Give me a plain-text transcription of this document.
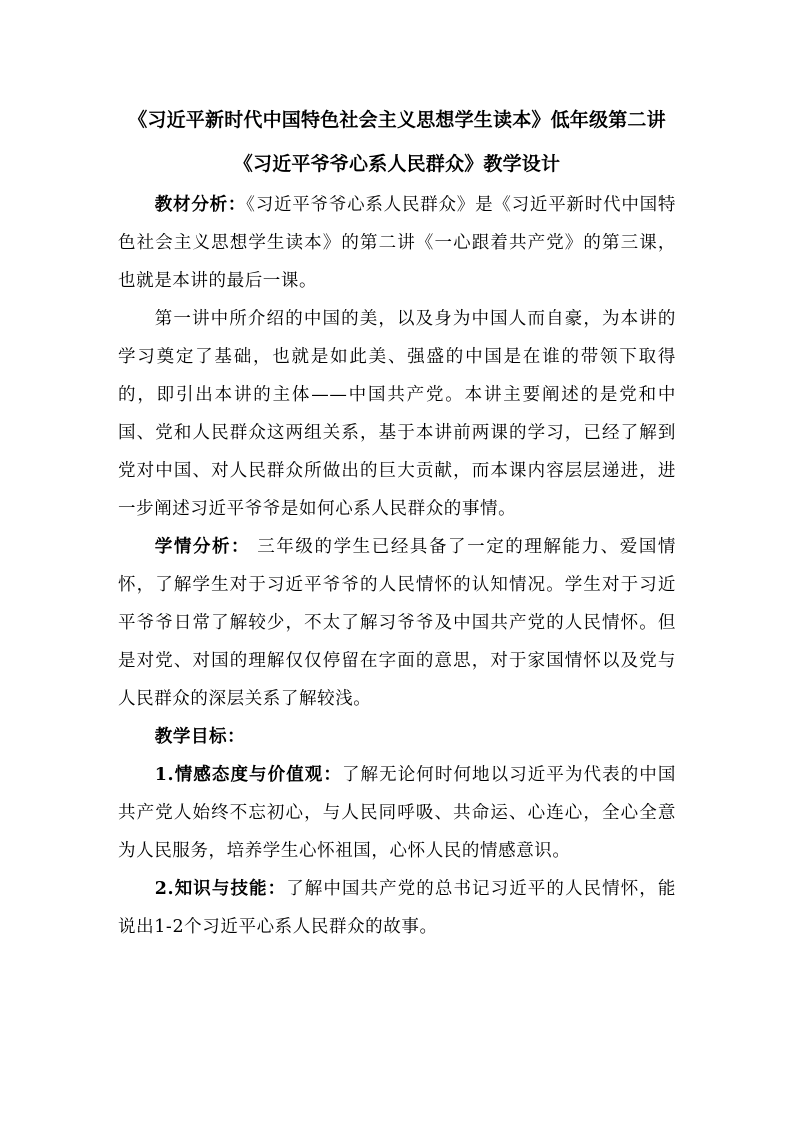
《习近平新时代中国特色社会主义思想学生读本》低年级第二讲

《习近平爷爷心系人民群众》教学设计

教材分析：《习近平爷爷心系人民群众》是《习近平新时代中国特色社会主义思想学生读本》的第二讲《一心跟着共产党》的第三课，也就是本讲的最后一课。

第一讲中所介绍的中国的美，以及身为中国人而自豪，为本讲的学习奠定了基础，也就是如此美、强盛的中国是在谁的带领下取得的，即引出本讲的主体——中国共产党。本讲主要阐述的是党和中国、党和人民群众这两组关系，基于本讲前两课的学习，已经了解到党对中国、对人民群众所做出的巨大贡献，而本课内容层层递进，进一步阐述习近平爷爷是如何心系人民群众的事情。

学情分析： 三年级的学生已经具备了一定的理解能力、爱国情怀，了解学生对于习近平爷爷的人民情怀的认知情况。学生对于习近平爷爷日常了解较少，不太了解习爷爷及中国共产党的人民情怀。但是对党、对国的理解仅仅停留在字面的意思，对于家国情怀以及党与人民群众的深层关系了解较浅。

教学目标：

1.情感态度与价值观：了解无论何时何地以习近平为代表的中国共产党人始终不忘初心，与人民同呼吸、共命运、心连心，全心全意为人民服务，培养学生心怀祖国，心怀人民的情感意识。

2.知识与技能：了解中国共产党的总书记习近平的人民情怀，能说出1-2个习近平心系人民群众的故事。
